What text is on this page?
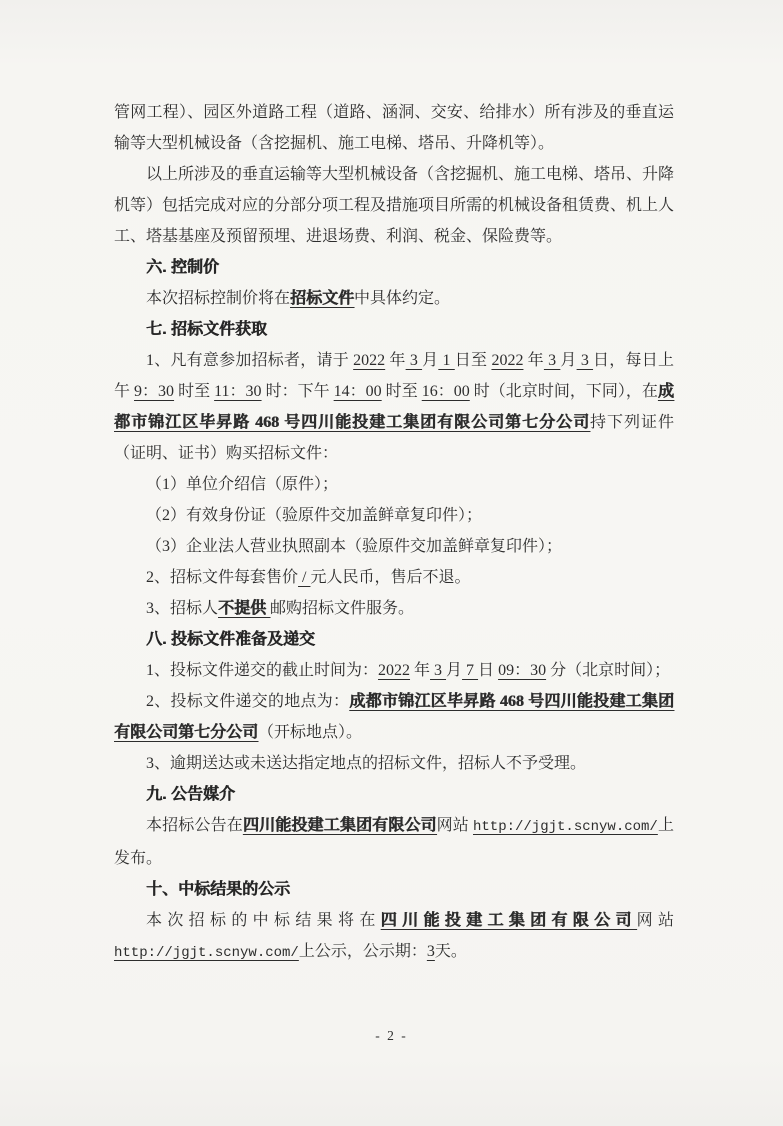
管网工程）、园区外道路工程（道路、涵洞、交安、给排水）所有涉及的垂直运输等大型机械设备（含挖掘机、施工电梯、塔吊、升降机等）。

以上所涉及的垂直运输等大型机械设备（含挖掘机、施工电梯、塔吊、升降机等）包括完成对应的分部分项工程及措施项目所需的机械设备租赁费、机上人工、塔基基座及预留预埋、进退场费、利润、税金、保险费等。

六. 控制价

本次招标控制价将在招标文件中具体约定。

七. 招标文件获取

1、凡有意参加招标者，请于 2022 年 3 月 1 日至 2022 年 3 月 3 日，每日上午 9：30 时至 11：30 时：下午 14：00 时至 16：00 时（北京时间，下同），在成都市锦江区毕昇路 468 号四川能投建工集团有限公司第七分公司持下列证件（证明、证书）购买招标文件：

（1）单位介绍信（原件）；

（2）有效身份证（验原件交加盖鲜章复印件）；

（3）企业法人营业执照副本（验原件交加盖鲜章复印件）；

2、招标文件每套售价 / 元人民币，售后不退。

3、招标人不提供 邮购招标文件服务。

八. 投标文件准备及递交

1、投标文件递交的截止时间为：2022 年 3 月 7 日 09：30 分（北京时间）；

2、投标文件递交的地点为：成都市锦江区毕昇路 468 号四川能投建工集团有限公司第七分公司（开标地点）。

3、逾期送达或未送达指定地点的招标文件，招标人不予受理。

九. 公告媒介

本招标公告在四川能投建工集团有限公司网站 http://jgjt.scnyw.com/上发布。

十、中标结果的公示

本次招标的中标结果将在四川能投建工集团有限公司网站 http://jgjt.scnyw.com/上公示，公示期：3天。

- 2 -
